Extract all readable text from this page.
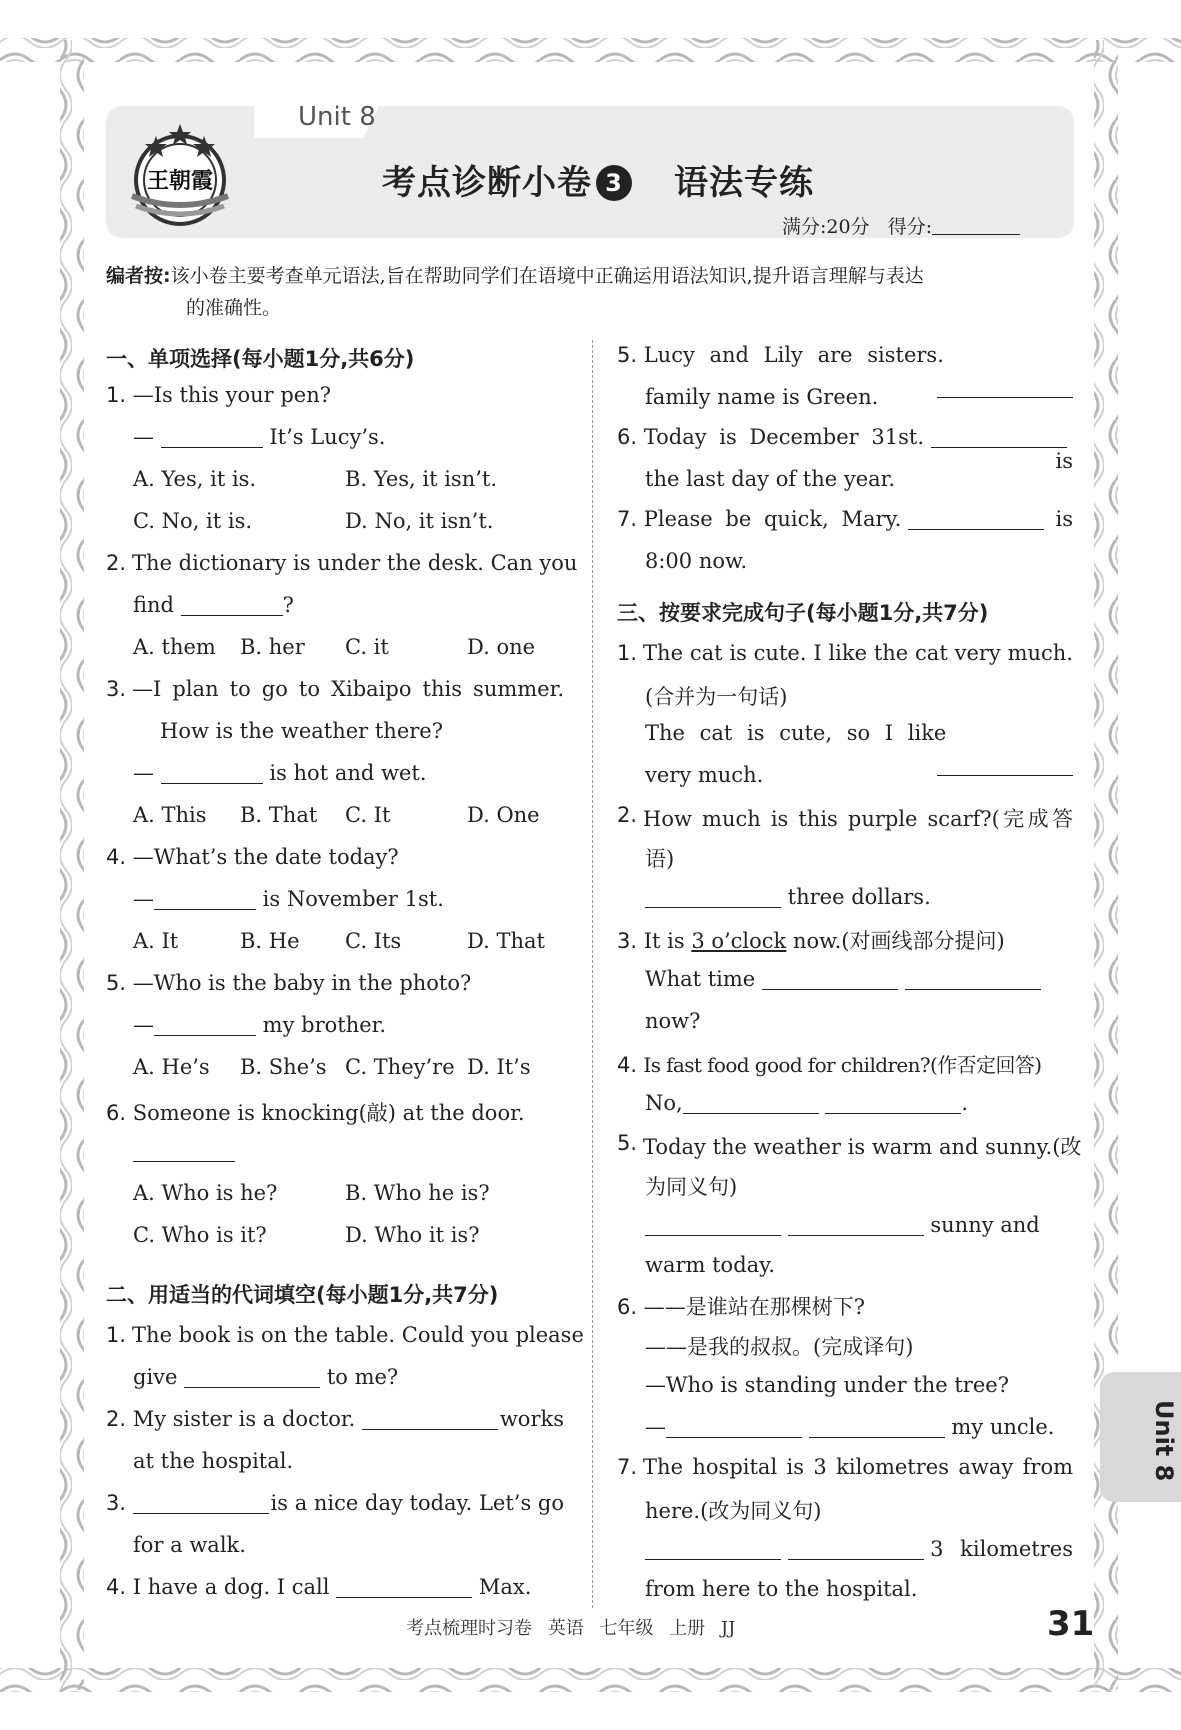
Unit 8
王朝霞	考点诊断小卷 3 语法专练
满分:20分 得分:
编者按:该小卷主要考查单元语法,旨在帮助同学们在语境中正确运用语法知识,提升语言理解与表达
的准确性。
一、单项选择(每小题1分,共6分)
1. —Is this your pen?
—	It’s Lucy’s.
A. Yes, it is.	B. Yes, it isn’t.
C. No, it is.	D. No, it isn’t.
2. The dictionary is under the desk. Can you
find	?
A. them B. her C. it	D. one
3. —I plan to go to Xibaipo this summer.
How is the weather there?
—	is hot and wet.
A. This B. That C. It	D. One
4. —What’s the date today?
—	is November 1st.
A. It	B. He C. Its	D. That
5. —Who is the baby in the photo?
—	my brother.
A. He’s B. She’s C. They’re D. It’s
6. Someone is knocking(敲) at the door.
A. Who is he?	B. Who he is?
C. Who is it?	D. Who it is?
二、用适当的代词填空(每小题1分,共7分)
1. The book is on the table. Could you please
give	to me?
2. My sister is a doctor.	works
at the hospital.
3.	is a nice day today. Let’s go
for a walk.
4. I have a dog. I call	Max.
5. Lucy and Lily are sisters.
family name is Green.
6. Today is December 31st.
is
the last day of the year.
7. Please be quick, Mary.	is
8:00 now.
三、按要求完成句子(每小题1分,共7分)
1. The cat is cute. I like the cat very much.
(合并为一句话)
The cat is cute, so I like
very much.
2. How much is this purple scarf?(完成答
语)
three dollars.
3. It is 3 o’clock now.(对画线部分提问)
What time
now?
4. Is fast food good for children?(作否定回答)
No,	.
5. Today the weather is warm and sunny.(改
为同义句)
sunny and
warm today.
6. ——是谁站在那棵树下?
——是我的叔叔。(完成译句)
—Who is standing under the tree?
—	my uncle.
7. The hospital is 3 kilometres away from
here.(改为同义句)

3 kilometres
from here to the hospital.
Unit 8
考点梳理时习卷 英语 七年级 上册 JJ	31
